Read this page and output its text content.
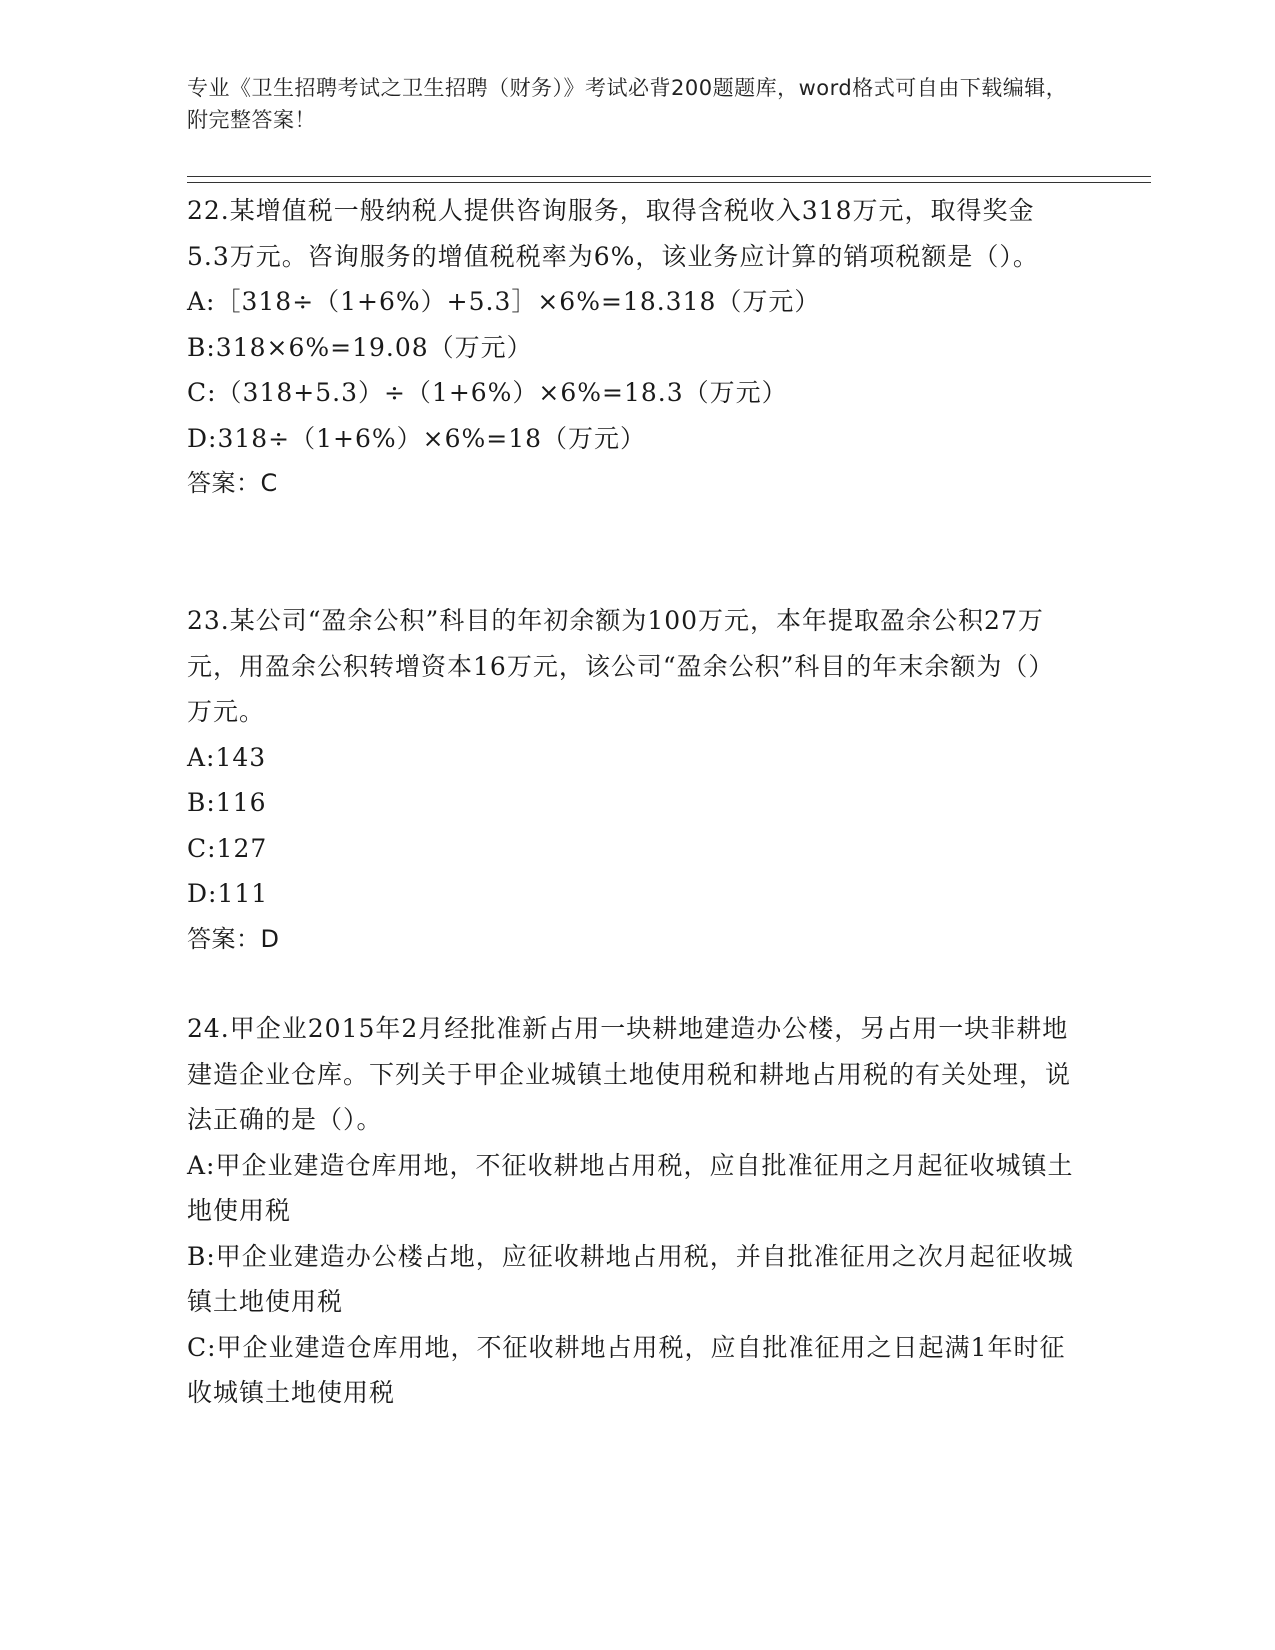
专业《卫生招聘考试之卫生招聘（财务）》考试必背200题题库，word格式可自由下载编辑，附完整答案！

22.某增值税一般纳税人提供咨询服务，取得含税收入318万元，取得奖金5.3万元。咨询服务的增值税税率为6%，该业务应计算的销项税额是（）。

A:［318÷（1+6%）+5.3］×6%=18.318（万元）

B:318×6%=19.08（万元）

C:（318+5.3）÷（1+6%）×6%=18.3（万元）

D:318÷（1+6%）×6%=18（万元）

答案：C

23.某公司“盈余公积”科目的年初余额为100万元，本年提取盈余公积27万元，用盈余公积转增资本16万元，该公司“盈余公积”科目的年末余额为（）万元。

A:143

B:116

C:127

D:111

答案：D

24.甲企业2015年2月经批准新占用一块耕地建造办公楼，另占用一块非耕地建造企业仓库。下列关于甲企业城镇土地使用税和耕地占用税的有关处理，说法正确的是（）。

A:甲企业建造仓库用地，不征收耕地占用税，应自批准征用之月起征收城镇土地使用税

B:甲企业建造办公楼占地，应征收耕地占用税，并自批准征用之次月起征收城镇土地使用税

C:甲企业建造仓库用地，不征收耕地占用税，应自批准征用之日起满1年时征收城镇土地使用税
